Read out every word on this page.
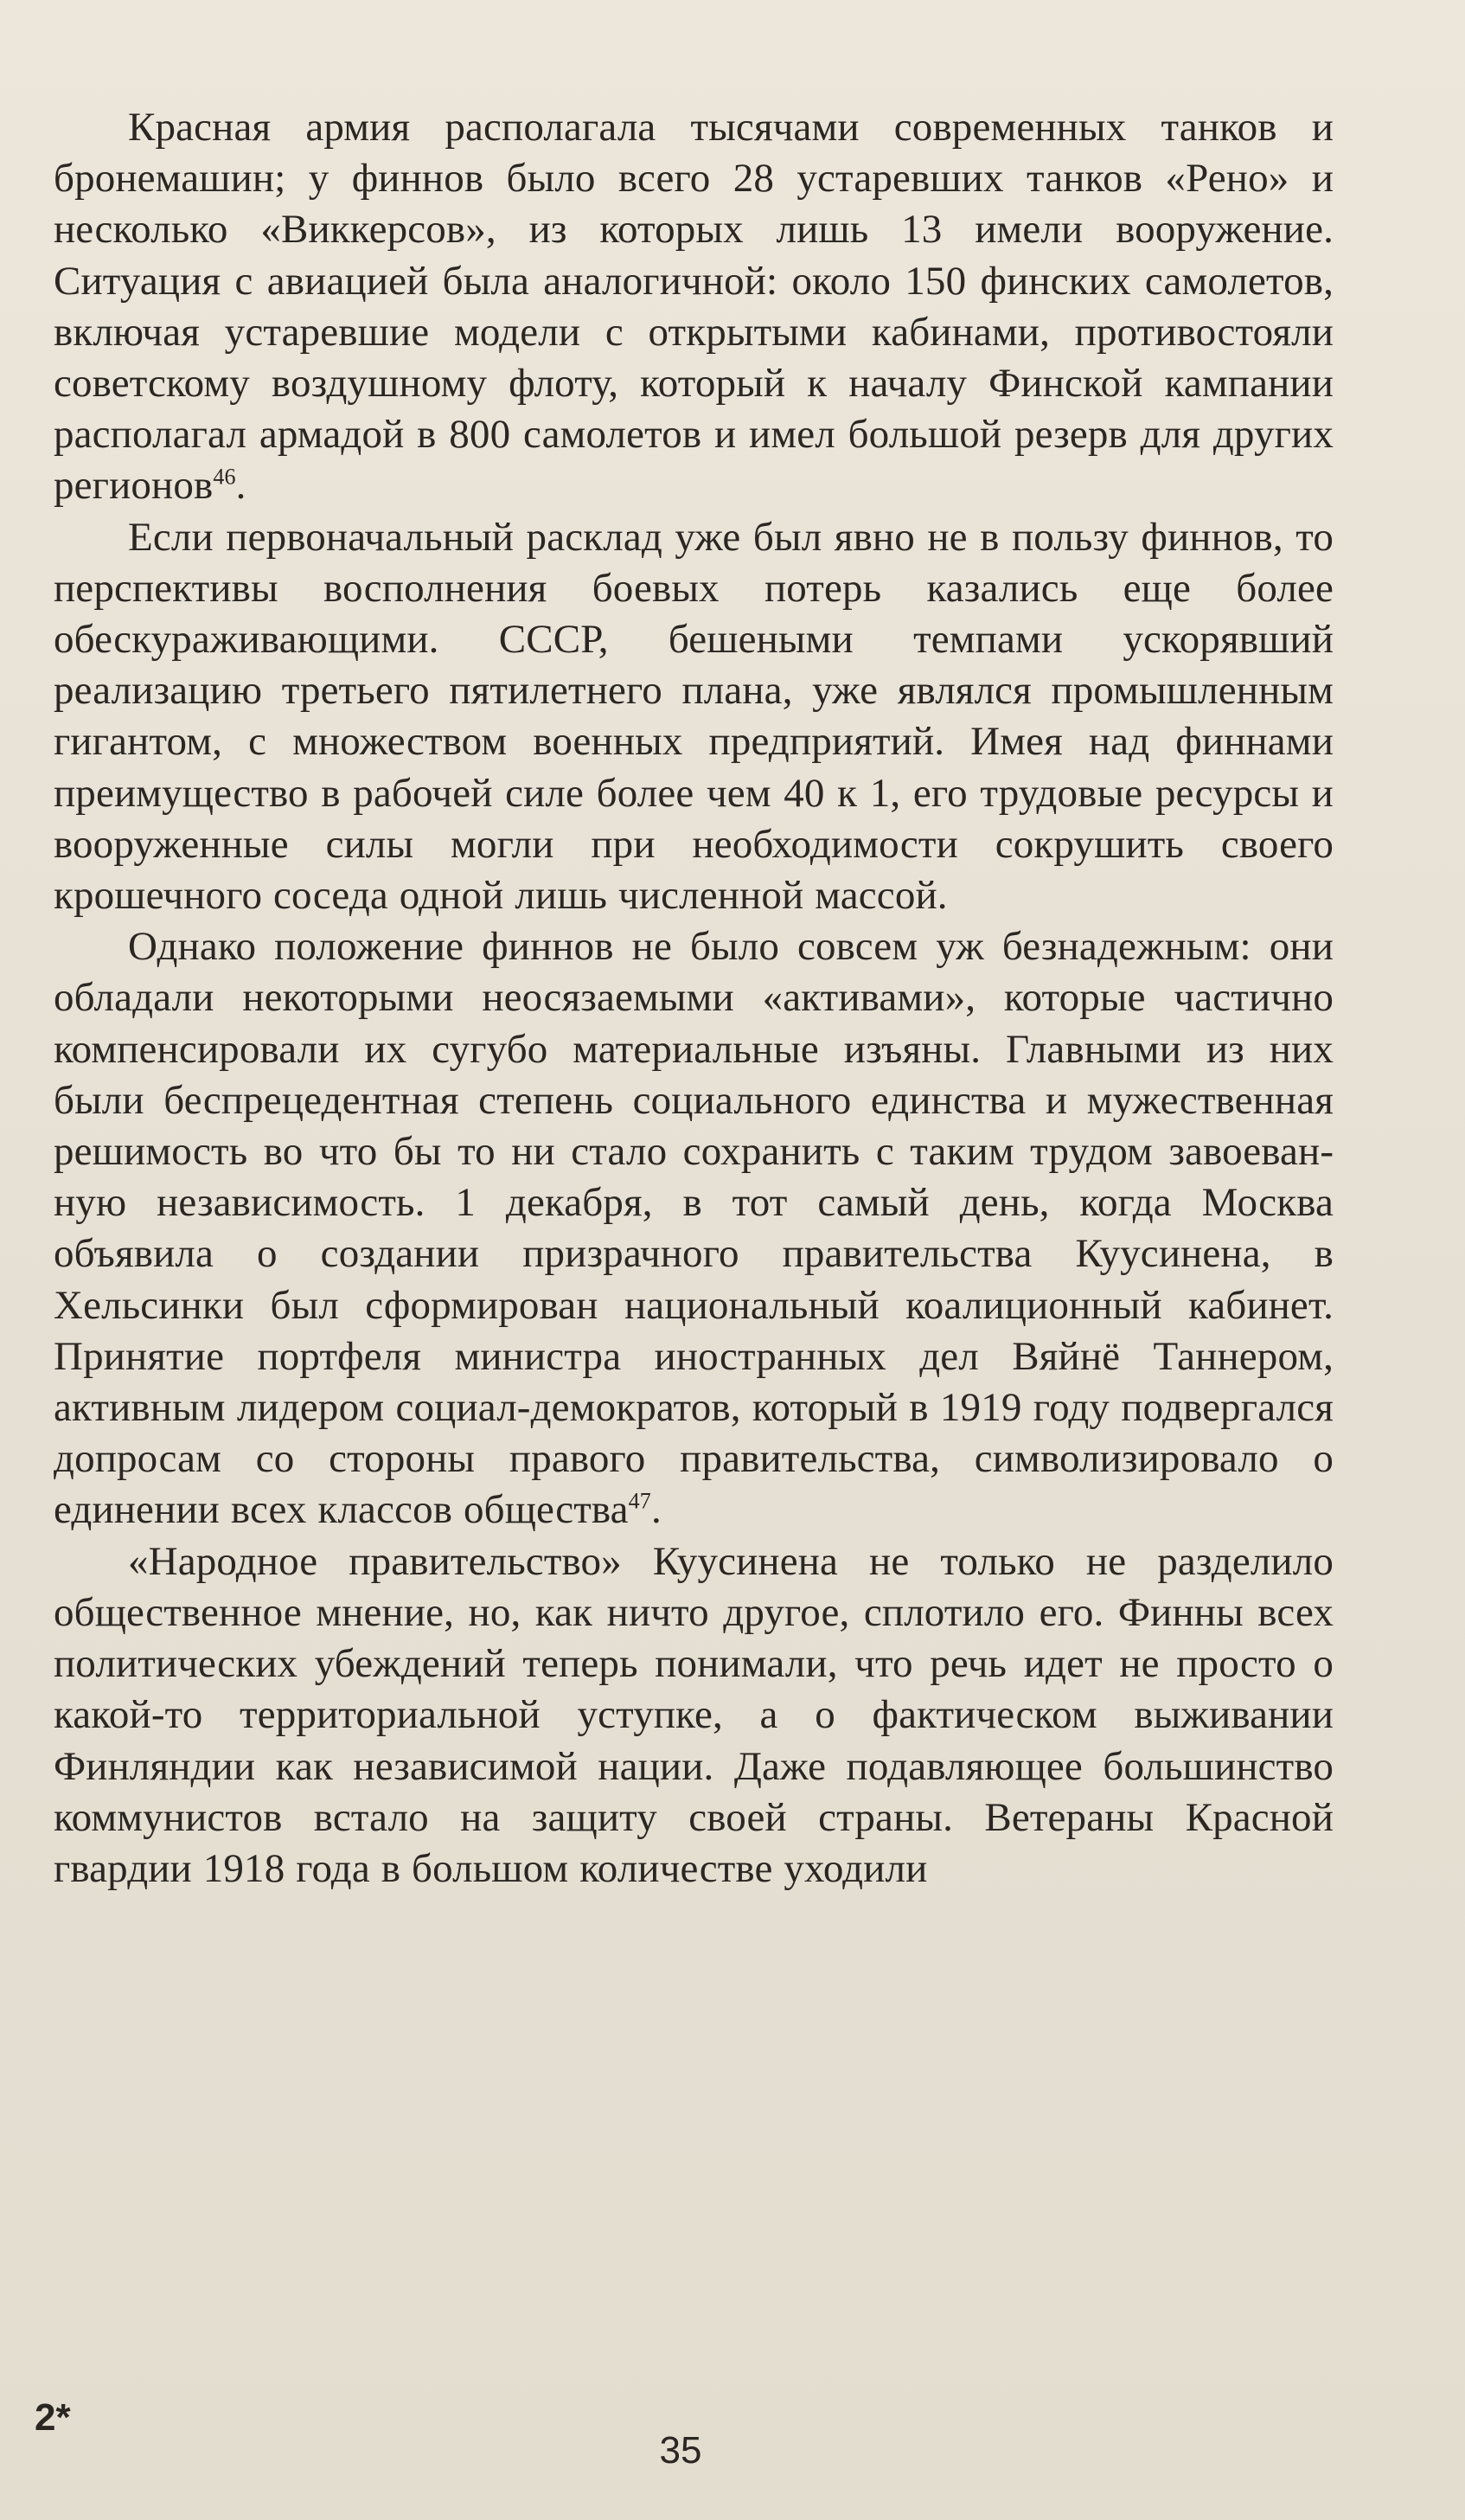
Красная армия располагала тысячами современных танков и бронемашин; у финнов было всего 28 устаревших танков «Рено» и несколько «Виккерсов», из которых лишь 13 имели вооружение. Ситуация с авиацией была аналогичной: около 150 финских самолетов, включая устаревшие модели с открытыми кабинами, противостояли советскому воздушному флоту, который к началу Финской кампании располагал армадой в 800 самолетов и имел большой резерв для других регионов$^{46}$.

Если первоначальный расклад уже был явно не в пользу финнов, то перспективы восполнения боевых потерь казались еще более обескураживающими. СССР, бешеными темпами ускорявший реализацию третьего пятилетнего плана, уже являлся промышленным гигантом, с множеством военных предприятий. Имея над финнами преимущество в рабочей силе более чем 40 к 1, его трудовые ресурсы и вооруженные силы могли при необходимости сокрушить своего крошечного соседа одной лишь численной массой.

Однако положение финнов не было совсем уж безнадежным: они обладали некоторыми неосязаемыми «активами», которые частично компенсировали их сугубо материальные изъяны. Главными из них были беспрецедентная степень социального единства и мужественная решимость во что бы то ни стало сохранить с таким трудом завоеванную независимость. 1 декабря, в тот самый день, когда Москва объявила о создании призрачного правительства Куусинена, в Хельсинки был сформирован национальный коалиционный кабинет. Принятие портфеля министра иностранных дел Вяйнё Таннером, активным лидером социал-демократов, который в 1919 году подвергался допросам со стороны правого правительства, символизировало о единении всех классов общества$^{47}$.

«Народное правительство» Куусинена не только не разделило общественное мнение, но, как ничто другое, сплотило его. Финны всех политических убеждений теперь понимали, что речь идет не просто о какой-то территориальной уступке, а о фактическом выживании Финляндии как независимой нации. Даже подавляющее большинство коммунистов встало на защиту своей страны. Ветераны Красной гвардии 1918 года в большом количестве уходили

2*
35
